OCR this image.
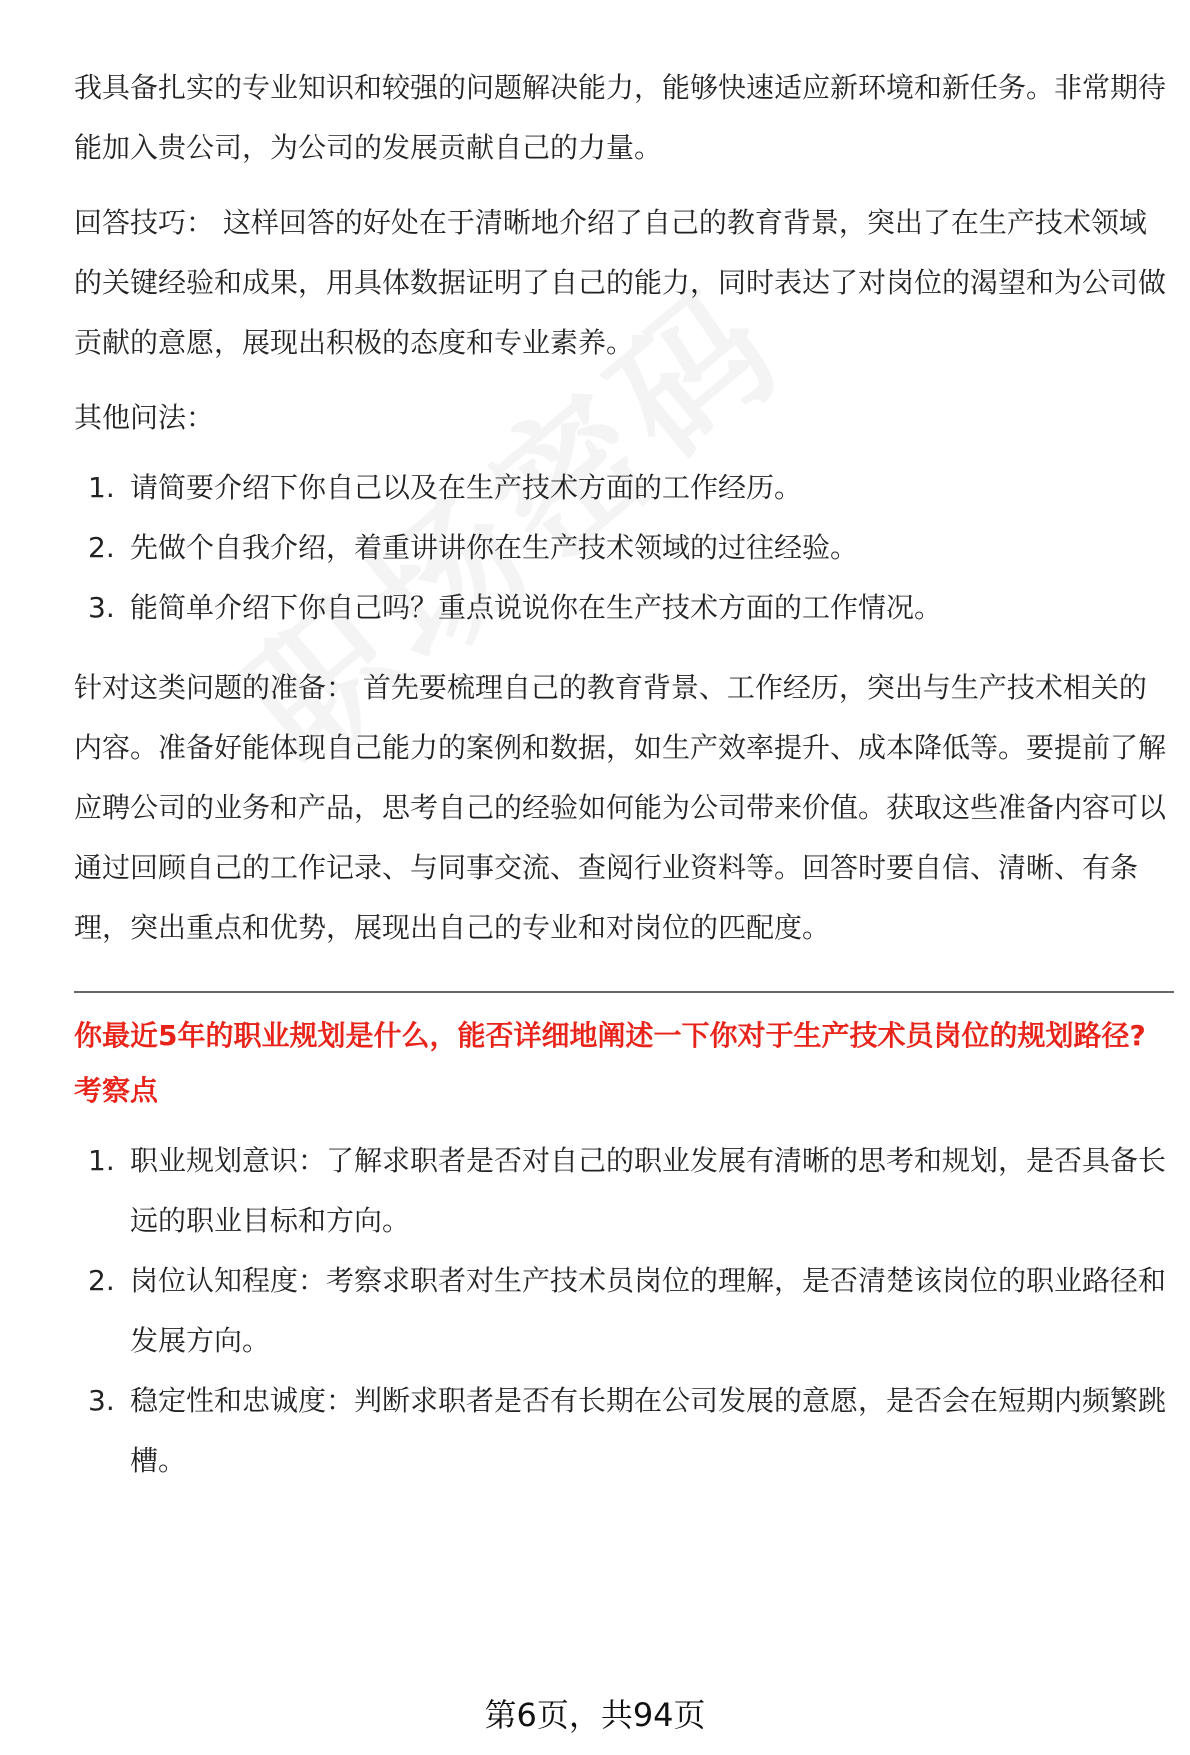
我具备扎实的专业知识和较强的问题解决能力，能够快速适应新环境和新任务。非常期待能加入贵公司，为公司的发展贡献自己的力量。

回答技巧： 这样回答的好处在于清晰地介绍了自己的教育背景，突出了在生产技术领域的关键经验和成果，用具体数据证明了自己的能力，同时表达了对岗位的渴望和为公司做贡献的意愿，展现出积极的态度和专业素养。

其他问法：

1. 请简要介绍下你自己以及在生产技术方面的工作经历。
2. 先做个自我介绍，着重讲讲你在生产技术领域的过往经验。
3. 能简单介绍下你自己吗？重点说说你在生产技术方面的工作情况。

针对这类问题的准备： 首先要梳理自己的教育背景、工作经历，突出与生产技术相关的内容。准备好能体现自己能力的案例和数据，如生产效率提升、成本降低等。要提前了解应聘公司的业务和产品，思考自己的经验如何能为公司带来价值。获取这些准备内容可以通过回顾自己的工作记录、与同事交流、查阅行业资料等。回答时要自信、清晰、有条理，突出重点和优势，展现出自己的专业和对岗位的匹配度。

你最近5年的职业规划是什么，能否详细地阐述一下你对于生产技术员岗位的规划路径?

考察点

1. 职业规划意识：了解求职者是否对自己的职业发展有清晰的思考和规划，是否具备长远的职业目标和方向。
2. 岗位认知程度：考察求职者对生产技术员岗位的理解，是否清楚该岗位的职业路径和发展方向。
3. 稳定性和忠诚度：判断求职者是否有长期在公司发展的意愿，是否会在短期内频繁跳槽。
第6页，共94页
